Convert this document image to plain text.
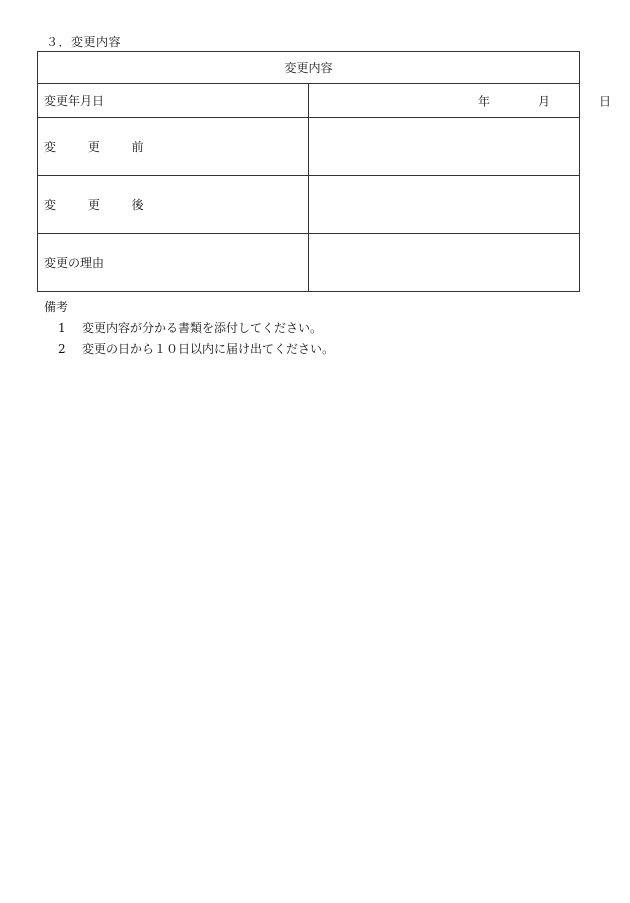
３．変更内容
変更内容	
変更年月日	年 月 日

変 更 前	
変 更 後	
変更の理由	
備考
1 変更内容が分かる書類を添付してください。
2 変更の日から１０日以内に届け出てください。
